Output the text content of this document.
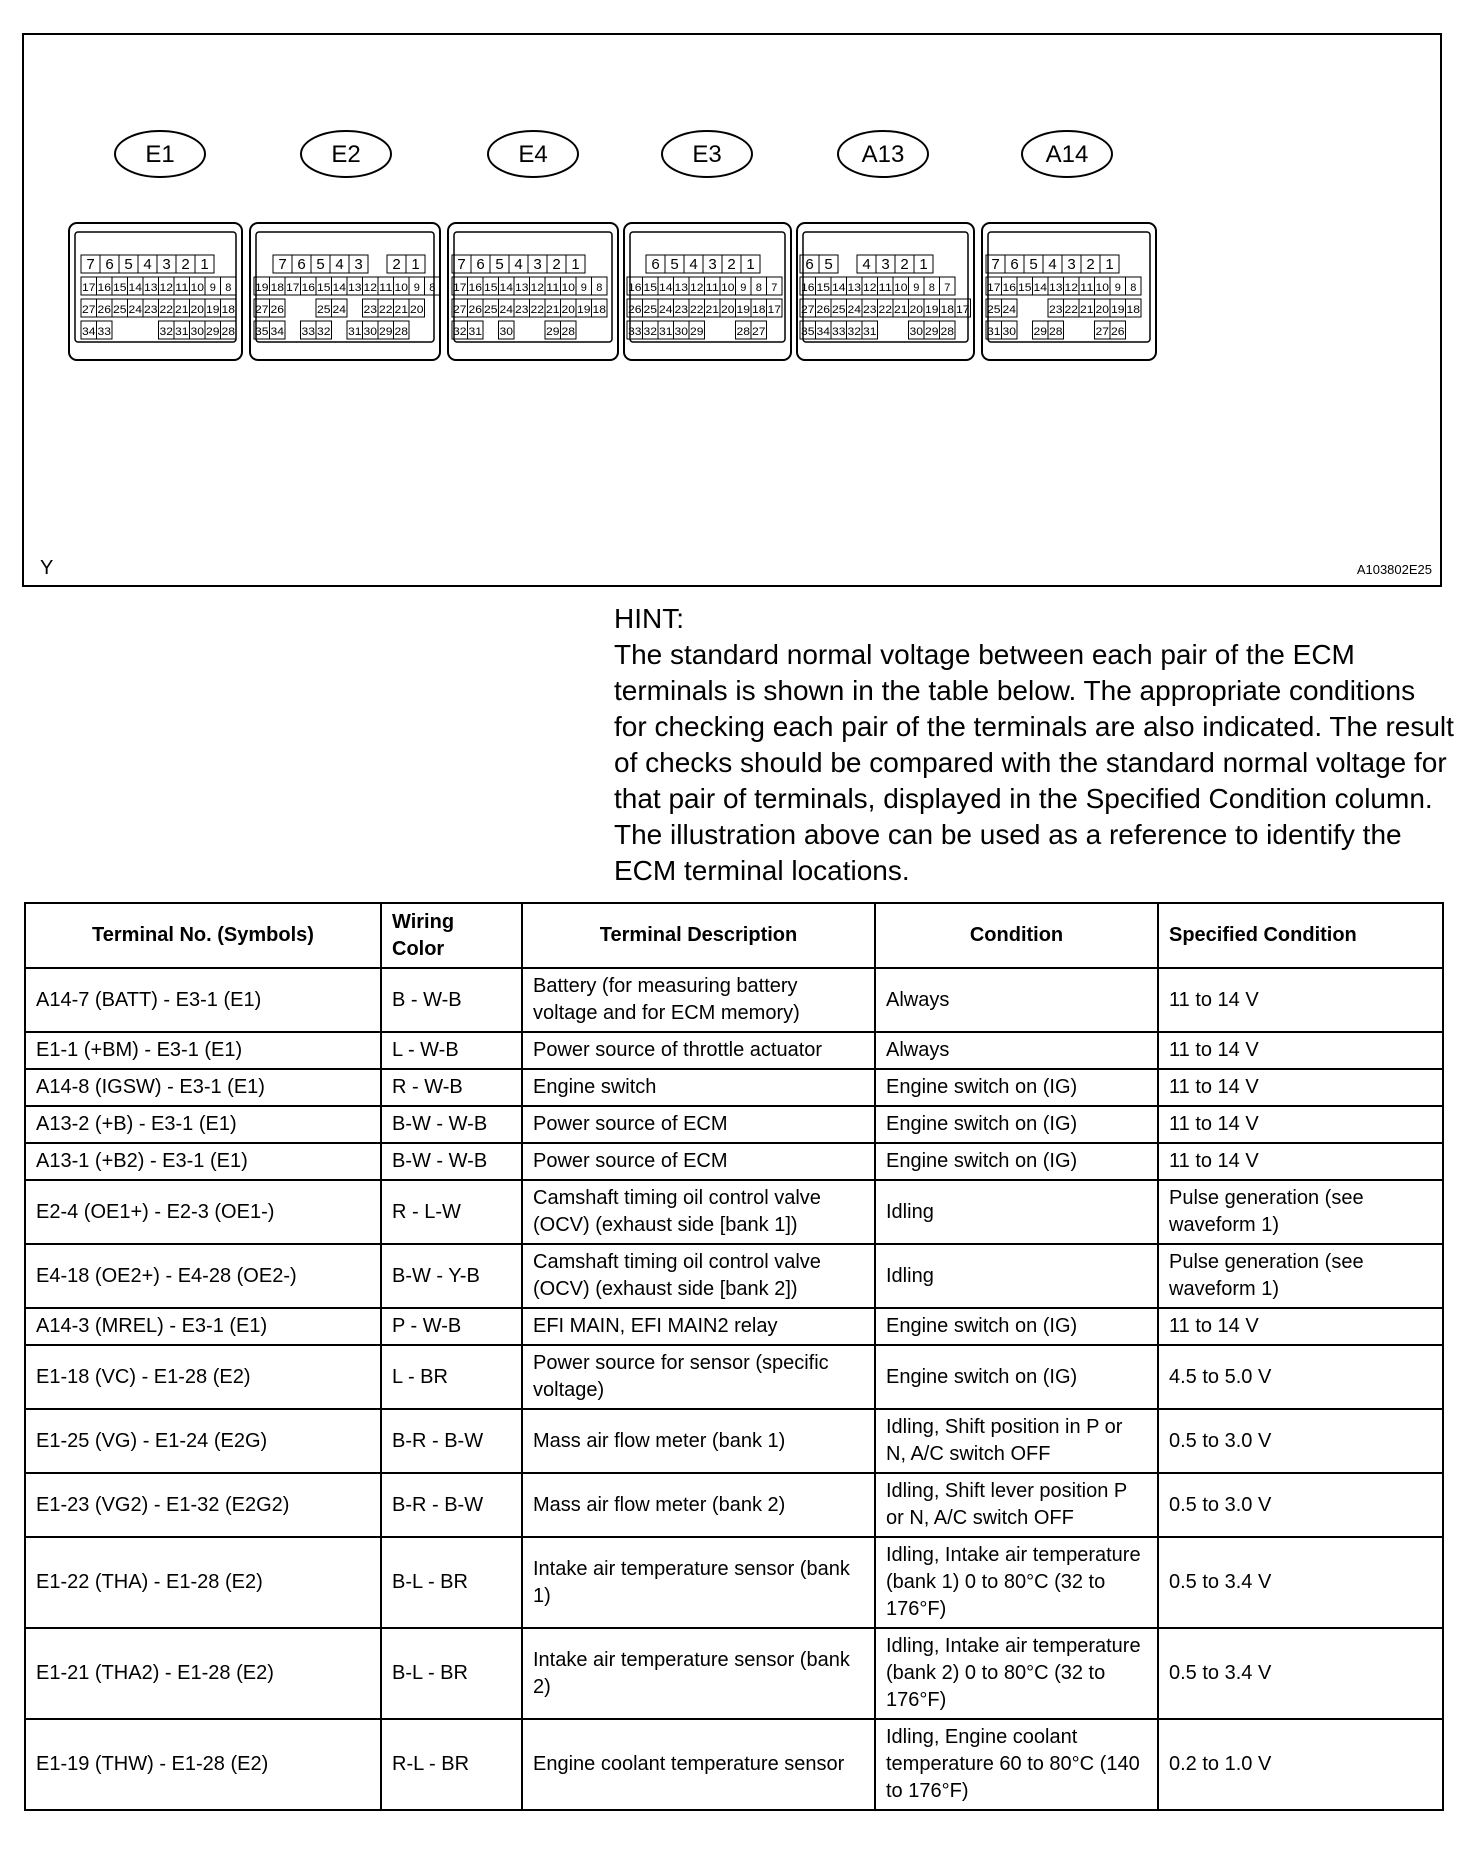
E1	E2	E4	E3	A13	A14
7 6 5 4 3 2 1
17 16 15 14 13 12 11 10 9 8
27 26 25 24 23 22 21 20 19 18
34 33	32 31 30 29 28
7 6 5 4 3 2 1
19 18 17 16 15 14 13 12 11 10 9 8
27 26	25 24 23 22 21 20
35 34 33 32 31 30 29 28
7 6 5 4 3 2 1
17 16 15 14 13 12 11 10 9 8
27 26 25 24 23 22 21 20 19 18
32 31 30	29 28
6 5 4 3 2 1
16 15 14 13 12 11 10 9 8 7
26 25 24 23 22 21 20 19 18 17
33 32 31 30 29	28 27
6 5 4 3 2 1
16 15 14 13 12 11 10 9 8 7
27 26 25 24 23 22 21 20 19 18 17
35 34 33 32 31	30 29 28
7 6 5 4 3 2 1
17 16 15 14 13 12 11 10 9 8
25 24	23 22 21 20 19 18
31 30 29 28	27 26
Y	A103802E25
HINT:
The standard normal voltage between each pair of the ECM terminals is shown in the table below. The appropriate conditions for checking each pair of the terminals are also indicated. The result of checks should be compared with the standard normal voltage for that pair of terminals, displayed in the Specified Condition column. The illustration above can be used as a reference to identify the ECM terminal locations.
Terminal No. (Symbols)	Wiring Color	Terminal Description	Condition	Specified Condition
A14-7 (BATT) - E3-1 (E1)	B - W-B	Battery (for measuring battery voltage and for ECM memory)	Always	11 to 14 V
E1-1 (+BM) - E3-1 (E1)	L - W-B	Power source of throttle actuator	Always	11 to 14 V
A14-8 (IGSW) - E3-1 (E1)	R - W-B	Engine switch	Engine switch on (IG)	11 to 14 V
A13-2 (+B) - E3-1 (E1)	B-W - W-B	Power source of ECM	Engine switch on (IG)	11 to 14 V
A13-1 (+B2) - E3-1 (E1)	B-W - W-B	Power source of ECM	Engine switch on (IG)	11 to 14 V
E2-4 (OE1+) - E2-3 (OE1-)	R - L-W	Camshaft timing oil control valve (OCV) (exhaust side [bank 1])	Idling	Pulse generation (see waveform 1)
E4-18 (OE2+) - E4-28 (OE2-)	B-W - Y-B	Camshaft timing oil control valve (OCV) (exhaust side [bank 2])	Idling	Pulse generation (see waveform 1)
A14-3 (MREL) - E3-1 (E1)	P - W-B	EFI MAIN, EFI MAIN2 relay	Engine switch on (IG)	11 to 14 V
E1-18 (VC) - E1-28 (E2)	L - BR	Power source for sensor (specific voltage)	Engine switch on (IG)	4.5 to 5.0 V
E1-25 (VG) - E1-24 (E2G)	B-R - B-W	Mass air flow meter (bank 1)	Idling, Shift position in P or N, A/C switch OFF	0.5 to 3.0 V
E1-23 (VG2) - E1-32 (E2G2)	B-R - B-W	Mass air flow meter (bank 2)	Idling, Shift lever position P or N, A/C switch OFF	0.5 to 3.0 V
E1-22 (THA) - E1-28 (E2)	B-L - BR	Intake air temperature sensor (bank 1)	Idling, Intake air temperature (bank 1) 0 to 80°C (32 to 176°F)	0.5 to 3.4 V
E1-21 (THA2) - E1-28 (E2)	B-L - BR	Intake air temperature sensor (bank 2)	Idling, Intake air temperature (bank 2) 0 to 80°C (32 to 176°F)	0.5 to 3.4 V
E1-19 (THW) - E1-28 (E2)	R-L - BR	Engine coolant temperature sensor	Idling, Engine coolant temperature 60 to 80°C (140 to 176°F)	0.2 to 1.0 V
